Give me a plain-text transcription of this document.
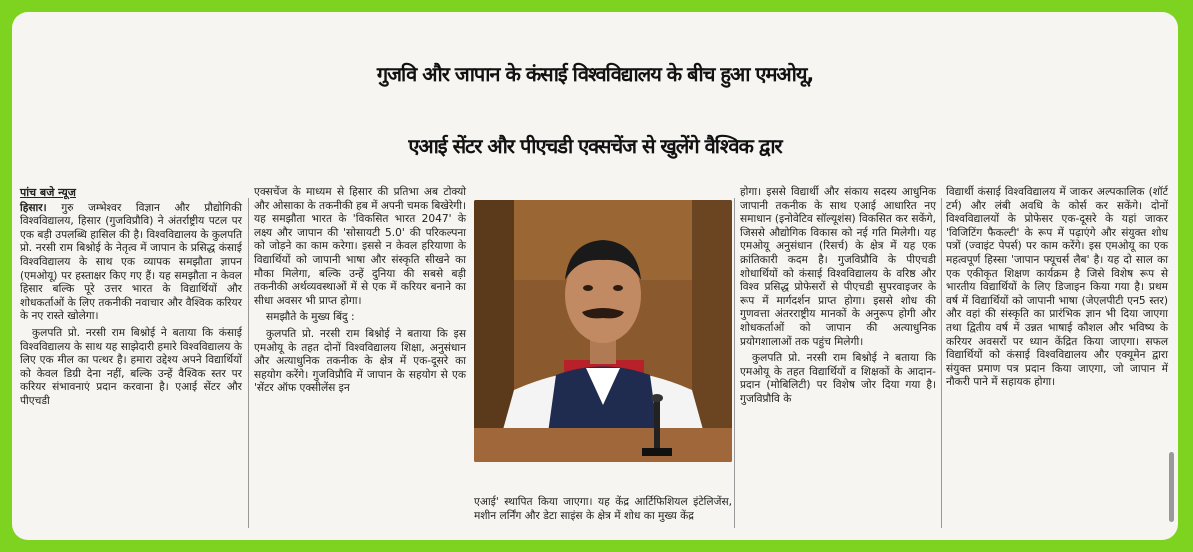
गुजवि और जापान के कंसाई विश्वविद्यालय के बीच हुआ एमओयू,
एआई सेंटर और पीएचडी एक्सचेंज से खुलेंगे वैश्विक द्वार
पांच बजे न्यूज

हिसार। गुरु जम्भेश्वर विज्ञान और प्रौद्योगिकी विश्वविद्यालय, हिसार (गुजविप्रौवि) ने अंतर्राष्ट्रीय पटल पर एक बड़ी उपलब्धि हासिल की है। विश्वविद्यालय के कुलपति प्रो. नरसी राम बिश्नोई के नेतृत्व में जापान के प्रसिद्ध कंसाई विश्वविद्यालय के साथ एक व्यापक समझौता ज्ञापन (एमओयू) पर हस्ताक्षर किए गए हैं। यह समझौता न केवल हिसार बल्कि पूरे उत्तर भारत के विद्यार्थियों और शोधकर्ताओं के लिए तकनीकी नवाचार और वैश्विक करियर के नए रास्ते खोलेगा।

कुलपति प्रो. नरसी राम बिश्नोई ने बताया कि कंसाई विश्वविद्यालय के साथ यह साझेदारी हमारे विश्वविद्यालय के लिए एक मील का पत्थर है। हमारा उद्देश्य अपने विद्यार्थियों को केवल डिग्री देना नहीं, बल्कि उन्हें वैश्विक स्तर पर करियर संभावनाएं प्रदान करवाना है। एआई सेंटर और पीएचडी

एक्सचेंज के माध्यम से हिसार की प्रतिभा अब टोक्यो और ओसाका के तकनीकी हब में अपनी चमक बिखेरेगी। यह समझौता भारत के 'विकसित भारत 2047' के लक्ष्य और जापान की 'सोसायटी 5.0' की परिकल्पना को जोड़ने का काम करेगा। इससे न केवल हरियाणा के विद्यार्थियों को जापानी भाषा और संस्कृति सीखने का मौका मिलेगा, बल्कि उन्हें दुनिया की सबसे बड़ी तकनीकी अर्थव्यवस्थाओं में से एक में करियर बनाने का सीधा अवसर भी प्राप्त होगा।

समझौते के मुख्य बिंदु :

कुलपति प्रो. नरसी राम बिश्नोई ने बताया कि इस एमओयू के तहत दोनों विश्वविद्यालय शिक्षा, अनुसंधान और अत्याधुनिक तकनीक के क्षेत्र में एक-दूसरे का सहयोग करेंगे। गुजविप्रौवि में जापान के सहयोग से एक 'सेंटर ऑफ एक्सीलेंस इन

एआई' स्थापित किया जाएगा। यह केंद्र आर्टिफिशियल इंटेलिजेंस, मशीन लर्निंग और डेटा साइंस के क्षेत्र में शोध का मुख्य केंद्र

होगा। इससे विद्यार्थी और संकाय सदस्य आधुनिक जापानी तकनीक के साथ एआई आधारित नए समाधान (इनोवेटिव सॉल्यूशंस) विकसित कर सकेंगे, जिससे औद्योगिक विकास को नई गति मिलेगी। यह एमओयू अनुसंधान (रिसर्च) के क्षेत्र में यह एक क्रांतिकारी कदम है। गुजविप्रौवि के पीएचडी शोधार्थियों को कंसाई विश्वविद्यालय के वरिष्ठ और विश्व प्रसिद्ध प्रोफेसरों से पीएचडी सुपरवाइजर के रूप में मार्गदर्शन प्राप्त होगा। इससे शोध की गुणवत्ता अंतरराष्ट्रीय मानकों के अनुरूप होगी और शोधकर्ताओं को जापान की अत्याधुनिक प्रयोगशालाओं तक पहुंच मिलेगी।

कुलपति प्रो. नरसी राम बिश्नोई ने बताया कि एमओयू के तहत विद्यार्थियों व शिक्षकों के आदान-प्रदान (मोबिलिटी) पर विशेष जोर दिया गया है। गुजविप्रौवि के

विद्यार्थी कंसाई विश्वविद्यालय में जाकर अल्पकालिक (शॉर्ट टर्म) और लंबी अवधि के कोर्स कर सकेंगे। दोनों विश्वविद्यालयों के प्रोफेसर एक-दूसरे के यहां जाकर 'विजिटिंग फैकल्टी' के रूप में पढ़ाएंगे और संयुक्त शोध पत्रों (ज्वाइंट पेपर्स) पर काम करेंगे। इस एमओयू का एक महत्वपूर्ण हिस्सा 'जापान फ्यूचर्स लैब' है। यह दो साल का एक एकीकृत शिक्षण कार्यक्रम है जिसे विशेष रूप से भारतीय विद्यार्थियों के लिए डिजाइन किया गया है। प्रथम वर्ष में विद्यार्थियों को जापानी भाषा (जेएलपीटी एन5 स्तर) और वहां की संस्कृति का प्रारंभिक ज्ञान भी दिया जाएगा तथा द्वितीय वर्ष में उन्नत भाषाई कौशल और भविष्य के करियर अवसरों पर ध्यान केंद्रित किया जाएगा। सफल विद्यार्थियों को कंसाई विश्वविद्यालय और एक्यूमेन द्वारा संयुक्त प्रमाण पत्र प्रदान किया जाएगा, जो जापान में नौकरी पाने में सहायक होगा।
